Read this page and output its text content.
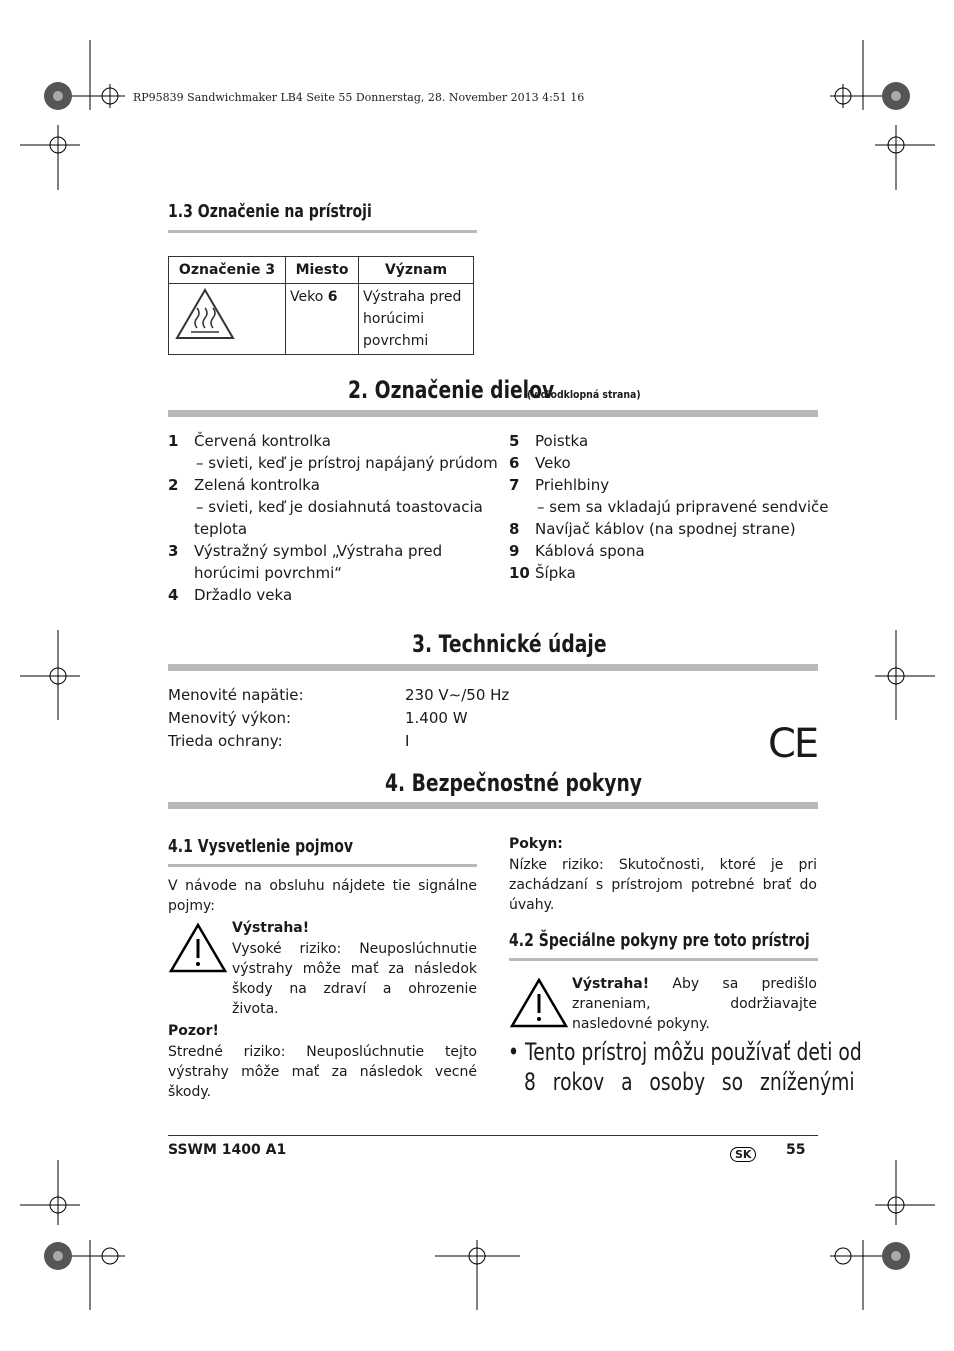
RP95839 Sandwichmaker LB4 Seite 55 Donnerstag, 28. November 2013 4:51 16
1.3 Označenie na prístroji
Označenie 3	Miesto	Význam
	Veko 6	Výstraha pred
horúcimi
povrchmi
2. Označenie dielov
(viď odklopná strana)
1 Červená kontrolka
– svieti, keď je prístroj napájaný prúdom
2 Zelená kontrolka
– svieti, keď je dosiahnutá toastovacia
teplota
3 Výstražný symbol „Výstraha pred
horúcimi povrchmi“
4 Držadlo veka
5 Poistka
6 Veko
7 Priehlbiny
– sem sa vkladajú pripravené sendviče
8 Navíjač káblov (na spodnej strane)
9 Káblová spona
10 Šípka
3. Technické údaje
Menovité napätie:	230 V∼/50 Hz
Menovitý výkon:	1.400 W
Trieda ochrany:	I	CE
4. Bezpečnostné pokyny
4.1 Vysvetlenie pojmov
V návode na obsluhu nájdete tie signálne pojmy:
Výstraha!
Vysoké riziko: Neuposlúchnutie výstrahy môže mať za následok škody na zdraví a ohrozenie života.
Pozor!
Stredné riziko: Neuposlúchnutie tejto výstrahy môže mať za následok vecné škody.
Pokyn:
Nízke riziko: Skutočnosti, ktoré je pri zachádzaní s prístrojom potrebné brať do úvahy.
4.2 Špeciálne pokyny pre toto prístroj
Výstraha! Aby sa predišlo zraneniam, dodržiavajte nasledovné pokyny.
• Tento prístroj môžu používať deti od
8 rokov a osoby so zníženými
SSWM 1400 A1	SK	55
